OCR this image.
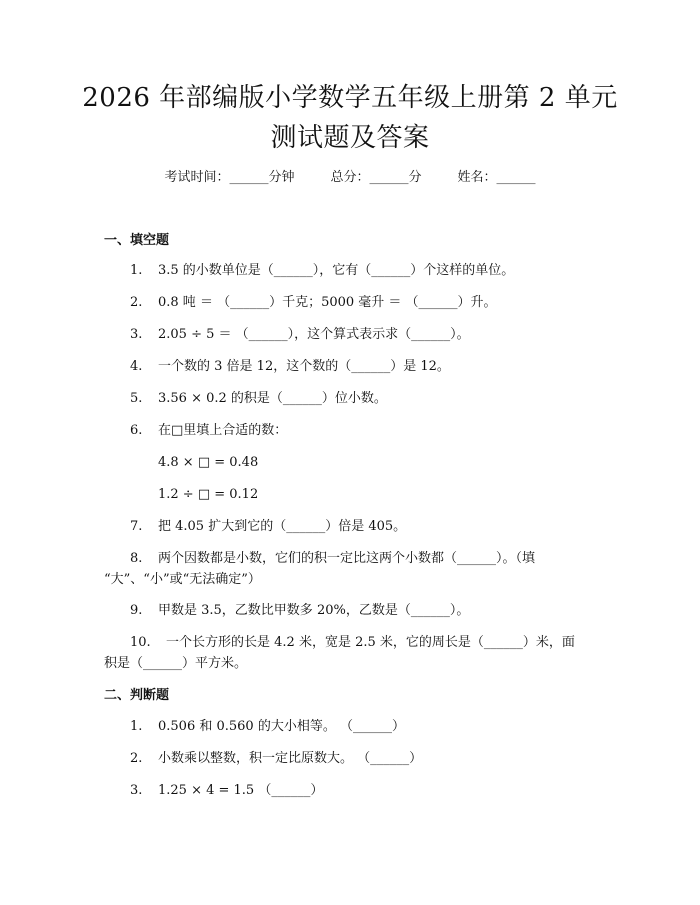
2026 年部编版小学数学五年级上册第 2 单元
测试题及答案
考试时间：______分钟	总分：______分	姓名：______
一、填空题
1. 3.5 的小数单位是（______），它有（______）个这样的单位。
2. 0.8 吨 ＝ （______）千克；5000 毫升 ＝ （______）升。
3. 2.05 ÷ 5 ＝ （______），这个算式表示求（______）。
4. 一个数的 3 倍是 12，这个数的（______）是 12。
5. 3.56 × 0.2 的积是（______）位小数。
6. 在□里填上合适的数：
4.8 × □ = 0.48
1.2 ÷ □ = 0.12
7. 把 4.05 扩大到它的（______）倍是 405。
8. 两个因数都是小数，它们的积一定比这两个小数都（______）。（填
“大”、“小”或“无法确定”）
9. 甲数是 3.5，乙数比甲数多 20%，乙数是（______）。
10. 一个长方形的长是 4.2 米，宽是 2.5 米，它的周长是（______）米，面
积是（______）平方米。
二、判断题
1. 0.506 和 0.560 的大小相等。 （______）
2. 小数乘以整数，积一定比原数大。 （______）
3. 1.25 × 4 = 1.5 （______）
